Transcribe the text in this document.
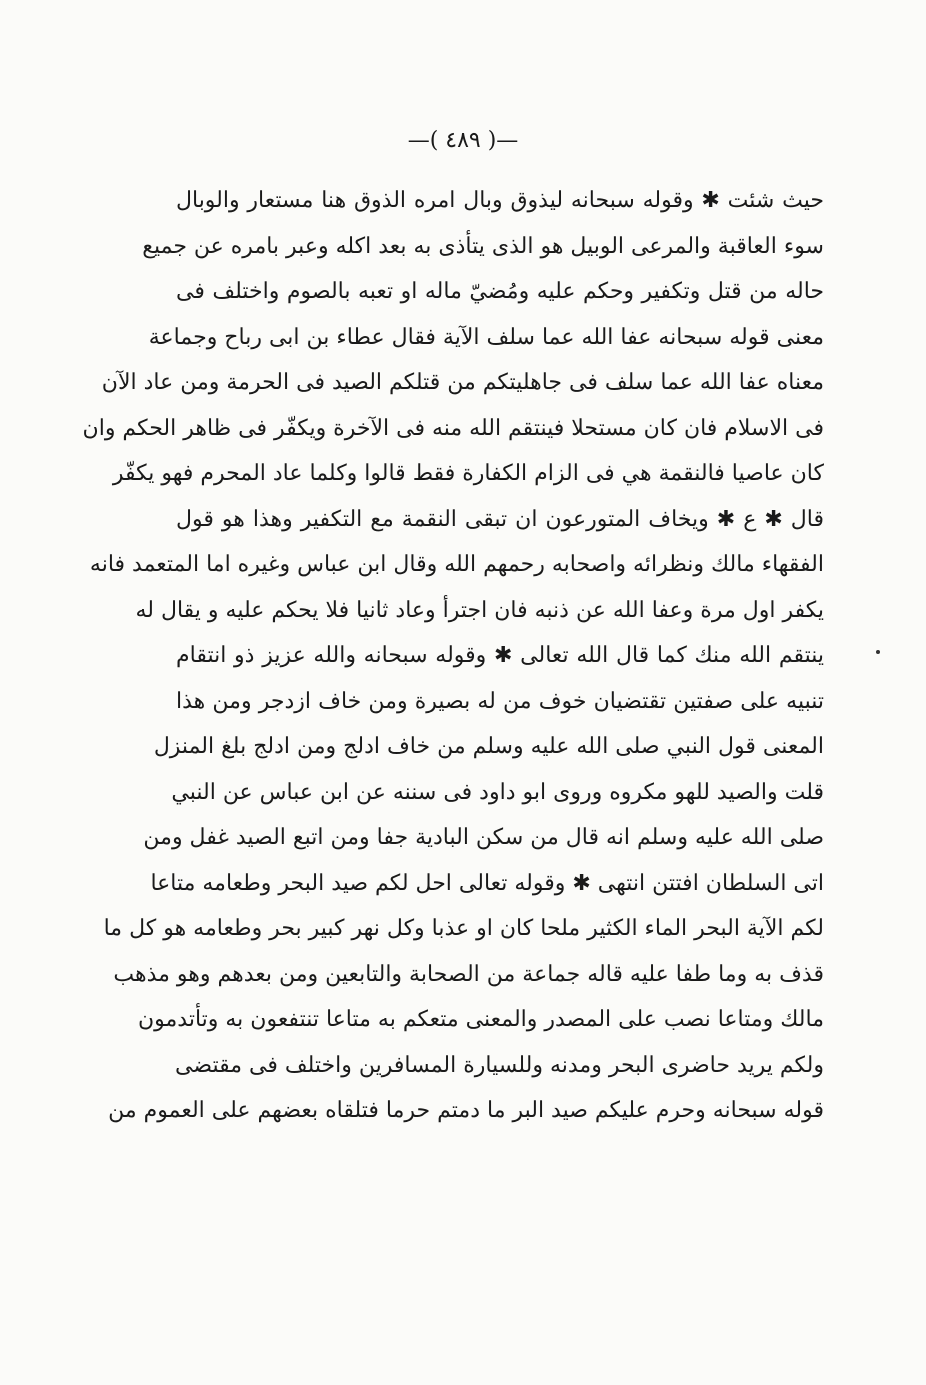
—( ٤٨٩ )—
حيث شئت ✱ وقوله سبحانه ليذوق وبال امره الذوق هنا مستعار والوبال
سوء العاقبة والمرعى الوبيل هو الذى يتأذى به بعد اكله وعبر بامره عن جميع
حاله من قتل وتكفير وحكم عليه ومُضيّ ماله او تعبه بالصوم واختلف فى
معنى قوله سبحانه عفا الله عما سلف الآية فقال عطاء بن ابى رباح وجماعة
معناه عفا الله عما سلف فى جاهليتكم من قتلكم الصيد فى الحرمة ومن عاد الآن
فى الاسلام فان كان مستحلا فينتقم الله منه فى الآخرة ويكفّر فى ظاهر الحكم وان
كان عاصيا فالنقمة هي فى الزام الكفارة فقط قالوا وكلما عاد المحرم فهو يكفّر
قال ✱ ع ✱ ويخاف المتورعون ان تبقى النقمة مع التكفير وهذا هو قول
الفقهاء مالك ونظرائه واصحابه رحمهم الله وقال ابن عباس وغيره اما المتعمد فانه
يكفر اول مرة وعفا الله عن ذنبه فان اجترأ وعاد ثانيا فلا يحكم عليه و يقال له
ينتقم الله منك كما قال الله تعالى ✱ وقوله سبحانه والله عزيز ذو انتقام
تنبيه على صفتين تقتضيان خوف من له بصيرة ومن خاف ازدجر ومن هذا
المعنى قول النبي صلى الله عليه وسلم من خاف ادلج ومن ادلج بلغ المنزل
قلت والصيد للهو مكروه وروى ابو داود فى سننه عن ابن عباس عن النبي
صلى الله عليه وسلم انه قال من سكن البادية جفا ومن اتبع الصيد غفل ومن
اتى السلطان افتتن انتهى ✱ وقوله تعالى احل لكم صيد البحر وطعامه متاعا
لكم الآية البحر الماء الكثير ملحا كان او عذبا وكل نهر كبير بحر وطعامه هو كل ما
قذف به وما طفا عليه قاله جماعة من الصحابة والتابعين ومن بعدهم وهو مذهب
مالك ومتاعا نصب على المصدر والمعنى متعكم به متاعا تنتفعون به وتأتدمون
ولكم يريد حاضرى البحر ومدنه وللسيارة المسافرين واختلف فى مقتضى
قوله سبحانه وحرم عليكم صيد البر ما دمتم حرما فتلقاه بعضهم على العموم من
